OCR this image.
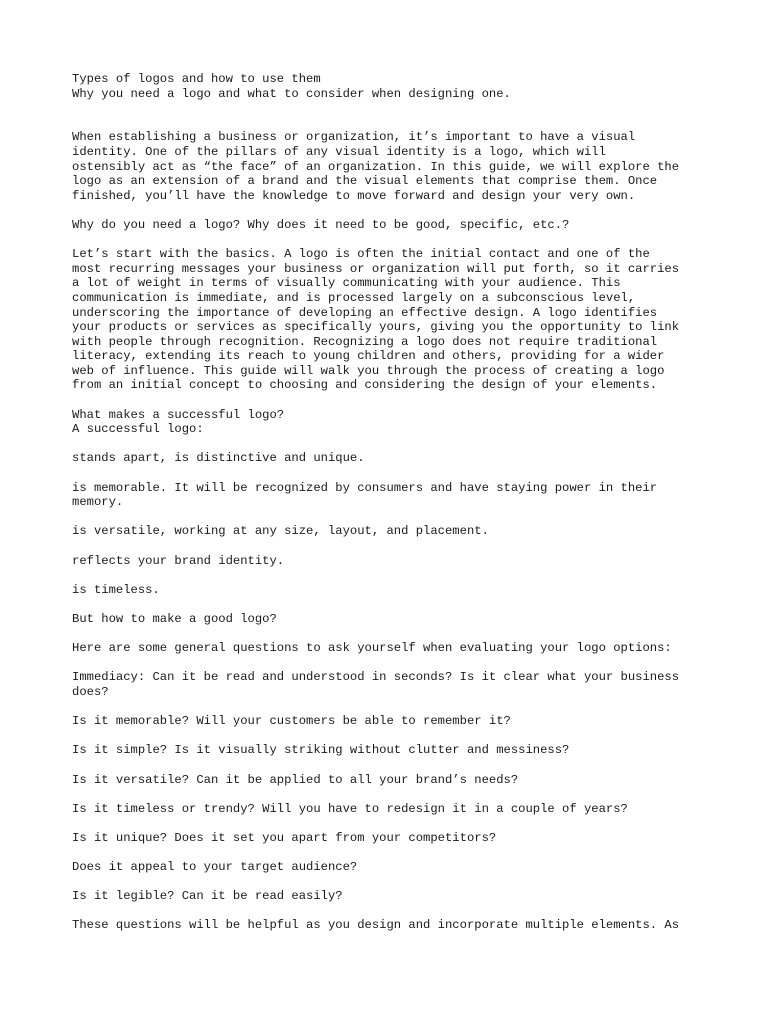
Types of logos and how to use them
Why you need a logo and what to consider when designing one.
When establishing a business or organization, it’s important to have a visual
identity. One of the pillars of any visual identity is a logo, which will
ostensibly act as “the face” of an organization. In this guide, we will explore the
logo as an extension of a brand and the visual elements that comprise them. Once
finished, you’ll have the knowledge to move forward and design your very own.
Why do you need a logo? Why does it need to be good, specific, etc.?
Let’s start with the basics. A logo is often the initial contact and one of the
most recurring messages your business or organization will put forth, so it carries
a lot of weight in terms of visually communicating with your audience. This
communication is immediate, and is processed largely on a subconscious level,
underscoring the importance of developing an effective design. A logo identifies
your products or services as specifically yours, giving you the opportunity to link
with people through recognition. Recognizing a logo does not require traditional
literacy, extending its reach to young children and others, providing for a wider
web of influence. This guide will walk you through the process of creating a logo
from an initial concept to choosing and considering the design of your elements.
What makes a successful logo?
A successful logo:
stands apart, is distinctive and unique.
is memorable. It will be recognized by consumers and have staying power in their
memory.
is versatile, working at any size, layout, and placement.
reflects your brand identity.
is timeless.
But how to make a good logo?
Here are some general questions to ask yourself when evaluating your logo options:
Immediacy: Can it be read and understood in seconds? Is it clear what your business
does?
Is it memorable? Will your customers be able to remember it?
Is it simple? Is it visually striking without clutter and messiness?
Is it versatile? Can it be applied to all your brand’s needs?
Is it timeless or trendy? Will you have to redesign it in a couple of years?
Is it unique? Does it set you apart from your competitors?
Does it appeal to your target audience?
Is it legible? Can it be read easily?
These questions will be helpful as you design and incorporate multiple elements. As
